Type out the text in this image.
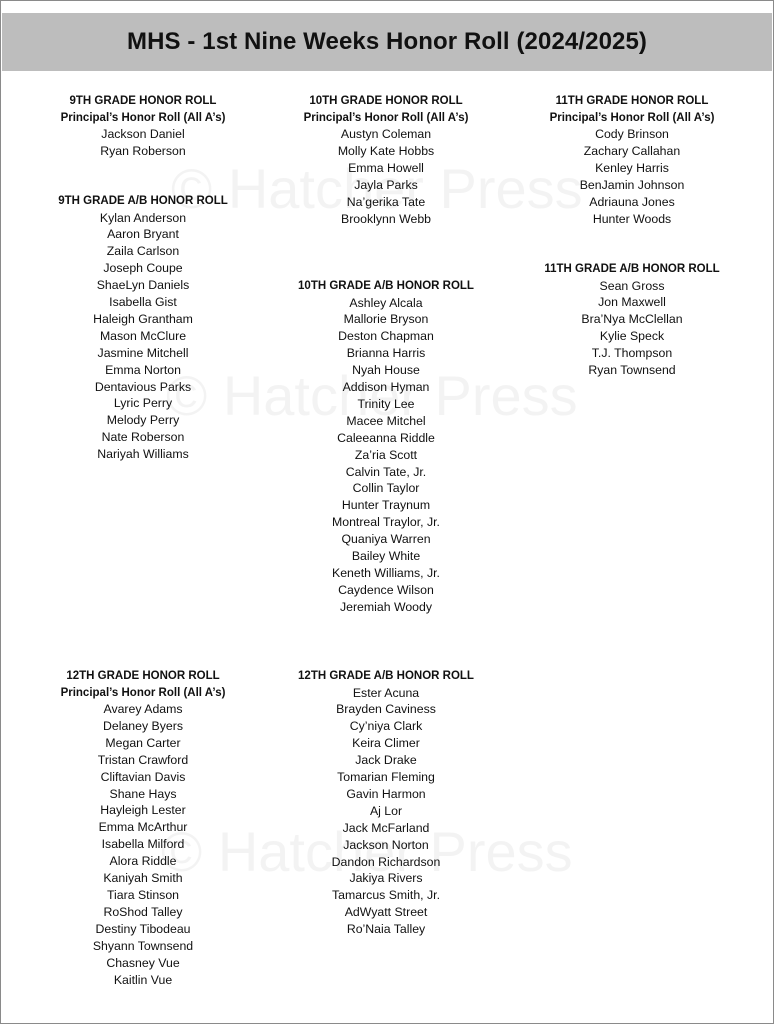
MHS - 1st Nine Weeks Honor Roll (2024/2025)
9TH GRADE HONOR ROLL
Principal’s Honor Roll (All A’s)
Jackson Daniel
Ryan Roberson
9TH GRADE A/B HONOR ROLL
Kylan Anderson
Aaron Bryant
Zaila Carlson
Joseph Coupe
ShaeLyn Daniels
Isabella Gist
Haleigh Grantham
Mason McClure
Jasmine Mitchell
Emma Norton
Dentavious Parks
Lyric Perry
Melody Perry
Nate Roberson
Nariyah Williams
10TH GRADE HONOR ROLL
Principal’s Honor Roll (All A’s)
Austyn Coleman
Molly Kate Hobbs
Emma Howell
Jayla Parks
Na’gerika Tate
Brooklynn Webb
10TH GRADE A/B HONOR ROLL
Ashley Alcala
Mallorie Bryson
Deston Chapman
Brianna Harris
Nyah House
Addison Hyman
Trinity Lee
Macee Mitchel
Caleeanna Riddle
Za’ria Scott
Calvin Tate, Jr.
Collin Taylor
Hunter Traynum
Montreal Traylor, Jr.
Quaniya Warren
Bailey White
Keneth Williams, Jr.
Caydence Wilson
Jeremiah Woody
11TH GRADE HONOR ROLL
Principal’s Honor Roll (All A’s)
Cody Brinson
Zachary Callahan
Kenley Harris
BenJamin Johnson
Adriauna Jones
Hunter Woods
11TH GRADE A/B HONOR ROLL
Sean Gross
Jon Maxwell
Bra’Nya McClellan
Kylie Speck
T.J. Thompson
Ryan Townsend
12TH GRADE HONOR ROLL
Principal’s Honor Roll (All A’s)
Avarey Adams
Delaney Byers
Megan Carter
Tristan Crawford
Cliftavian Davis
Shane Hays
Hayleigh Lester
Emma McArthur
Isabella Milford
Alora Riddle
Kaniyah Smith
Tiara Stinson
RoShod Talley
Destiny Tibodeau
Shyann Townsend
Chasney Vue
Kaitlin Vue
12TH GRADE A/B HONOR ROLL
Ester Acuna
Brayden Caviness
Cy’niya Clark
Keira Climer
Jack Drake
Tomarian Fleming
Gavin Harmon
Aj Lor
Jack McFarland
Jackson Norton
Dandon Richardson
Jakiya Rivers
Tamarcus Smith, Jr.
AdWyatt Street
Ro’Naia Talley
